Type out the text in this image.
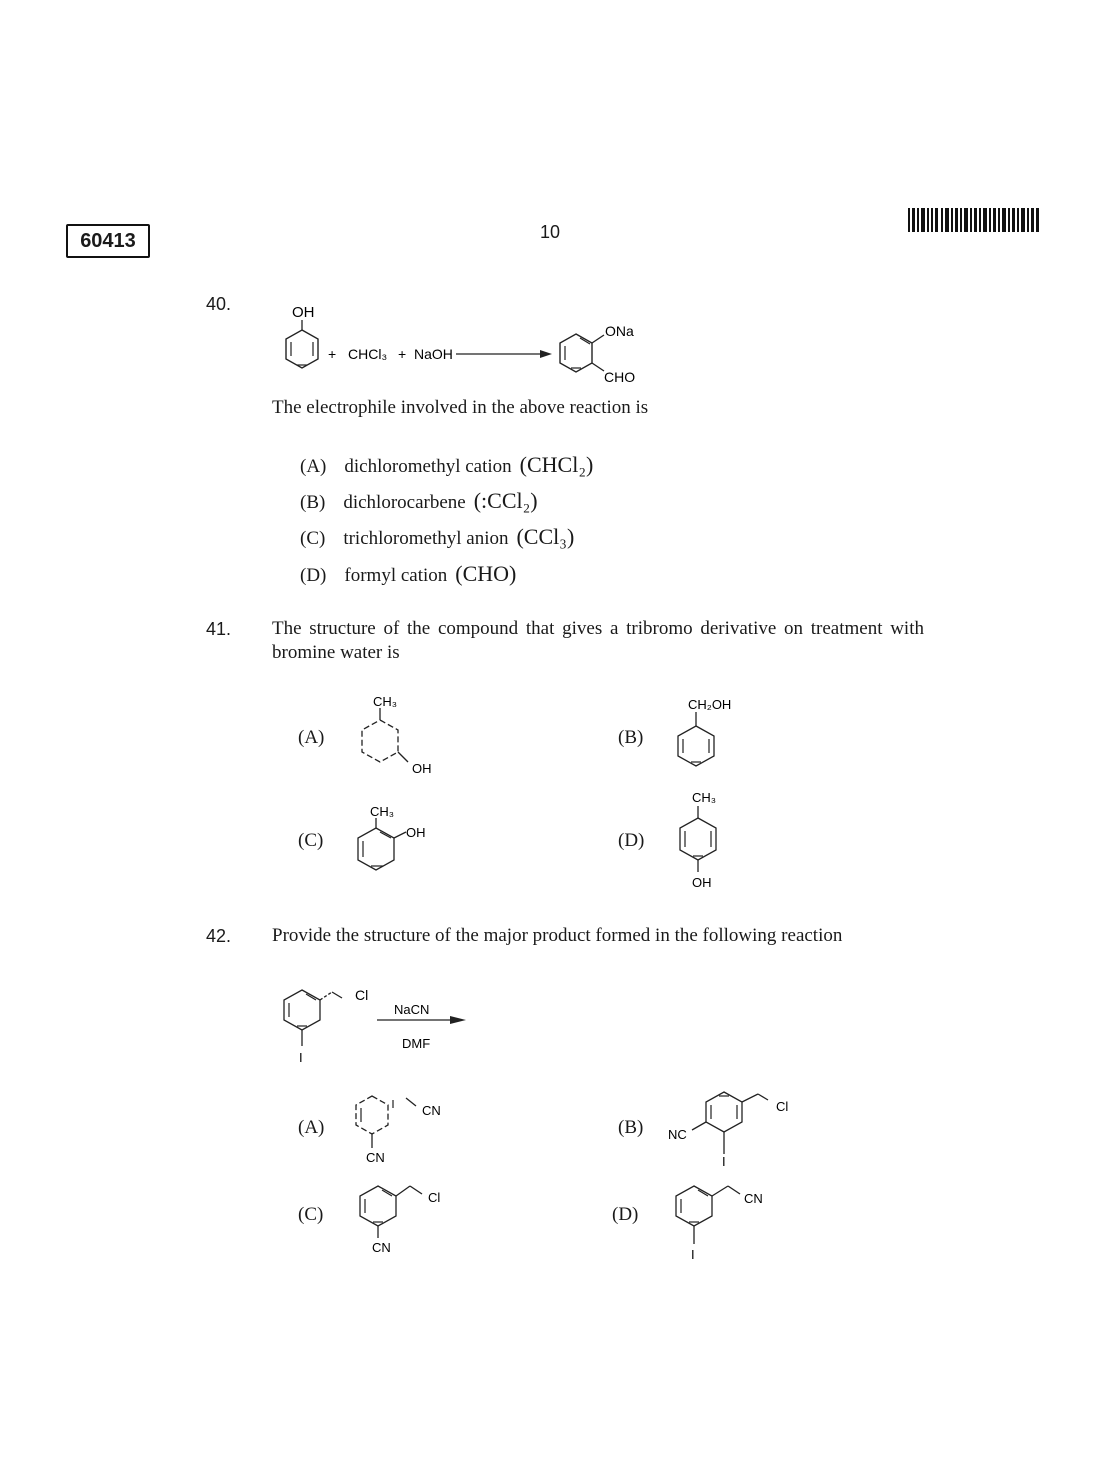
60413	10
40.	OH
+ CHCl₃ + NaOH
ONa
CHO
The electrophile involved in the above reaction is
(A) dichloromethyl cation (CHCl₂)
(B) dichlorocarbene (:CCl₂)
(C) trichloromethyl anion (CCl₃)
(D) formyl cation (CHO)
41. The structure of the compound that gives a tribromo derivative on treatment with bromine water is
(A)
CH₃
OH
(B)
CH₂OH
(C)
CH₃
OH	(D)
CH₃
OH
42. Provide the structure of the major product formed in the following reaction
Cl
I
NaCN
DMF
(A)
CN
CN
(B)
Cl
NC
I
(C)
Cl
CN
(D)
CN
I
